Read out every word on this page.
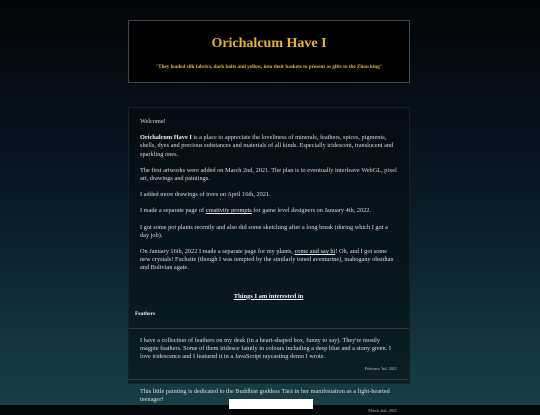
Orichalcum Have I
"They loaded silk fabrics, dark bolts and yellow, into their baskets to present as gifts to the Zhou king"

Welcome!

Orichalcum Have I is a place to appreciate the loveliness of minerals, feathers, spices, pigments, shells, dyes and precious substances and materials of all kinds. Especially iridescent, translucent and sparkling ones.

The first artworks were added on March 2nd, 2021. The plan is to eventually interleave WebGL, pixel art, drawings and paintings.

I added more drawings of trees on April 16th, 2021.

I made a separate page of creativity prompts for game level designers on January 4th, 2022.

I got some pot plants recently and also did some sketching after a long break (during which I got a day job).

On January 16th, 2022 I made a separate page for my plants, come and say hi! Oh, and I got some new crystals! Fuchsite (though I was tempted by the similarly toned aventurine), mahogany obsidian and Bolivian agate.

Things I am interested in
Feathers

I have a collection of feathers on my desk (in a heart-shaped box, funny to say). They're mostly magpie feathers. Some of them iridesce faintly in colours including a deep blue and a stony green. I love iridescence and I featured it in a JavaScript raycasting demo I wrote.

February 3rd, 2021

This little painting is dedicated to the Buddhist goddess Tārā in her manifestation as a light-hearted teenager!

March 2nd, 2021
